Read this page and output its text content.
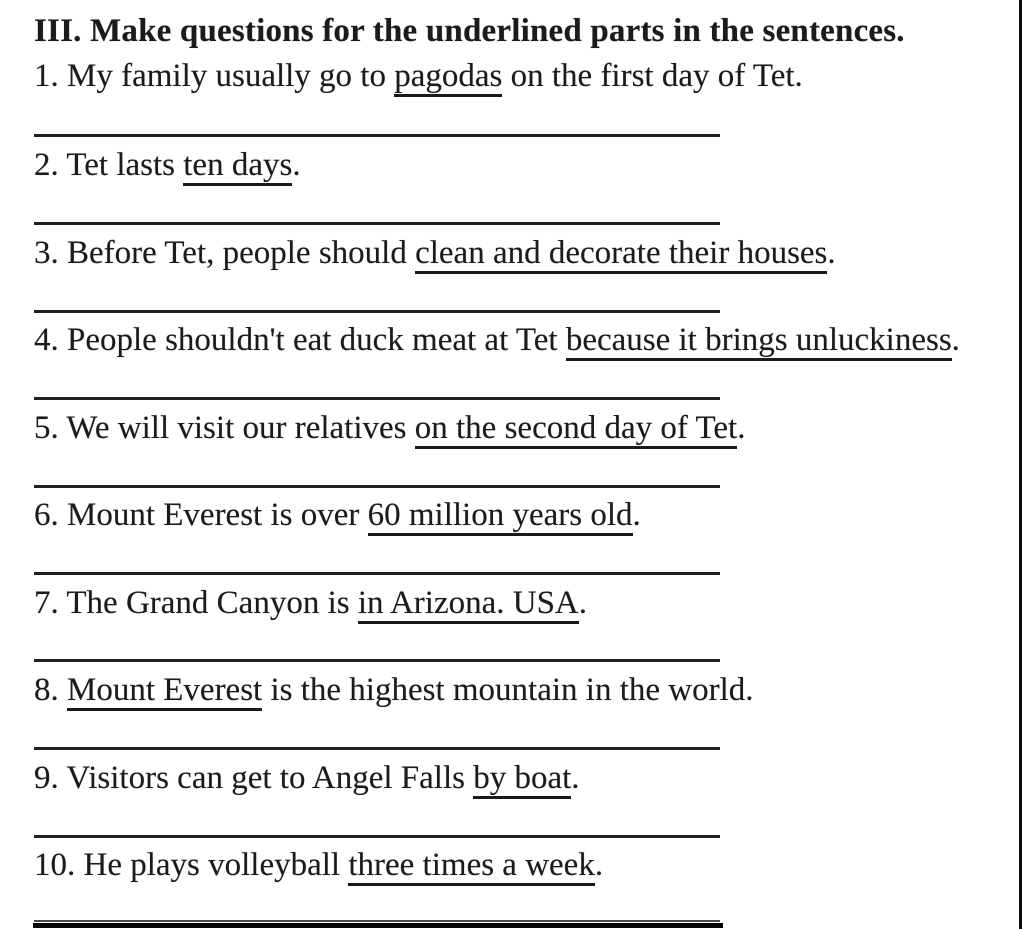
III. Make questions for the underlined parts in the sentences.
1. My family usually go to pagodas on the first day of Tet.
2. Tet lasts ten days.
3. Before Tet, people should clean and decorate their houses.
4. People shouldn't eat duck meat at Tet because it brings unluckiness.
5. We will visit our relatives on the second day of Tet.
6. Mount Everest is over 60 million years old.
7. The Grand Canyon is in Arizona. USA.
8. Mount Everest is the highest mountain in the world.
9. Visitors can get to Angel Falls by boat.
10. He plays volleyball three times a week.
